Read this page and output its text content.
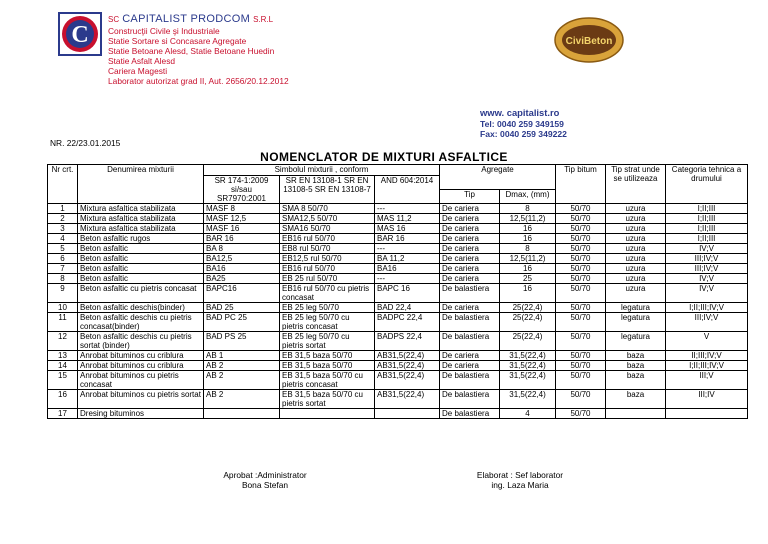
C
SC CAPITALIST PRODCOM S.R.L
Construcţii Civile şi Industriale
Statie Sortare si Concasare Agregate
Statie Betoane Alesd, Statie Betoane Huedin
Statie Asfalt Alesd
Cariera Magesti
Laborator autorizat grad II, Aut. 2656/20.12.2012
CiviBeton
www. capitalist.ro
Tel: 0040 259 349159
Fax: 0040 259 349222
NR. 22/23.01.2015
NOMENCLATOR DE MIXTURI ASFALTICE
Nr crt.	Denumirea mixturii	Simbolul mixturii , conform			Agregate		Tip bitum	Tip strat unde se utilizeaza	Categoria tehnica a drumului
		SR 174-1:2009 si/sau SR7970:2001	SR EN 13108-1 SR EN 13108-5 SR EN 13108-7	AND 604:2014					
					Tip	Dmax, (mm)			
1	Mixtura asfaltica stabilizata	MASF 8	SMA 8 50/70	---	De cariera	8	50/70	uzura	I;II;III
2	Mixtura asfaltica stabilizata	MASF 12,5	SMA12,5 50/70	MAS 11,2	De cariera	12,5(11,2)	50/70	uzura	I;II;III
3	Mixtura asfaltica stabilizata	MASF 16	SMA16 50/70	MAS 16	De cariera	16	50/70	uzura	I;II;III
4	Beton asfaltic rugos	BAR 16	EB16 rul 50/70	BAR 16	De cariera	16	50/70	uzura	I;II;III
5	Beton asfaltic	BA 8	EB8 rul 50/70	---	De cariera	8	50/70	uzura	IV;V
6	Beton asfaltic	BA12,5	EB12,5 rul 50/70	BA 11,2	De cariera	12,5(11,2)	50/70	uzura	III;IV;V
7	Beton asfaltic	BA16	EB16 rul 50/70	BA16	De cariera	16	50/70	uzura	III;IV;V
8	Beton asfaltic	BA25	EB 25 rul 50/70	---	De cariera	25	50/70	uzura	IV;V
9	Beton asfaltic cu pietris concasat	BAPC16	EB16 rul 50/70 cu pietris concasat	BAPC 16	De balastiera	16	50/70	uzura	IV;V
10	Beton asfaltic deschis(binder)	BAD 25	EB 25 leg 50/70	BAD 22,4	De cariera	25(22,4)	50/70	legatura	I;II;III;IV;V
11	Beton asfaltic deschis cu pietris concasat(binder)	BAD PC 25	EB 25 leg 50/70 cu pietris concasat	BADPC 22,4	De balastiera	25(22,4)	50/70	legatura	III;IV;V
12	Beton asfaltic deschis cu pietris sortat (binder)	BAD PS 25	EB 25 leg 50/70 cu pietris sortat	BADPS 22,4	De balastiera	25(22,4)	50/70	legatura	V
13	Anrobat bituminos cu criblura	AB 1	EB 31,5 baza 50/70	AB31,5(22,4)	De cariera	31,5(22,4)	50/70	baza	II;III;IV;V
14	Anrobat bituminos cu criblura	AB 2	EB 31,5 baza 50/70	AB31,5(22,4)	De cariera	31,5(22,4)	50/70	baza	I;II;III;IV;V
15	Anrobat bituminos cu pietris concasat	AB 2	EB 31,5 baza 50/70 cu pietris concasat	AB31,5(22,4)	De balastiera	31,5(22,4)	50/70	baza	III;V
16	Anrobat bituminos cu pietris sortat	AB 2	EB 31,5 baza 50/70 cu pietris sortat	AB31,5(22,4)	De balastiera	31,5(22,4)	50/70	baza	III;IV
17	Dresing bituminos				De balastiera	4	50/70		
Aprobat :Administrator
Bona Stefan
Elaborat : Sef laborator
ing. Laza Maria
